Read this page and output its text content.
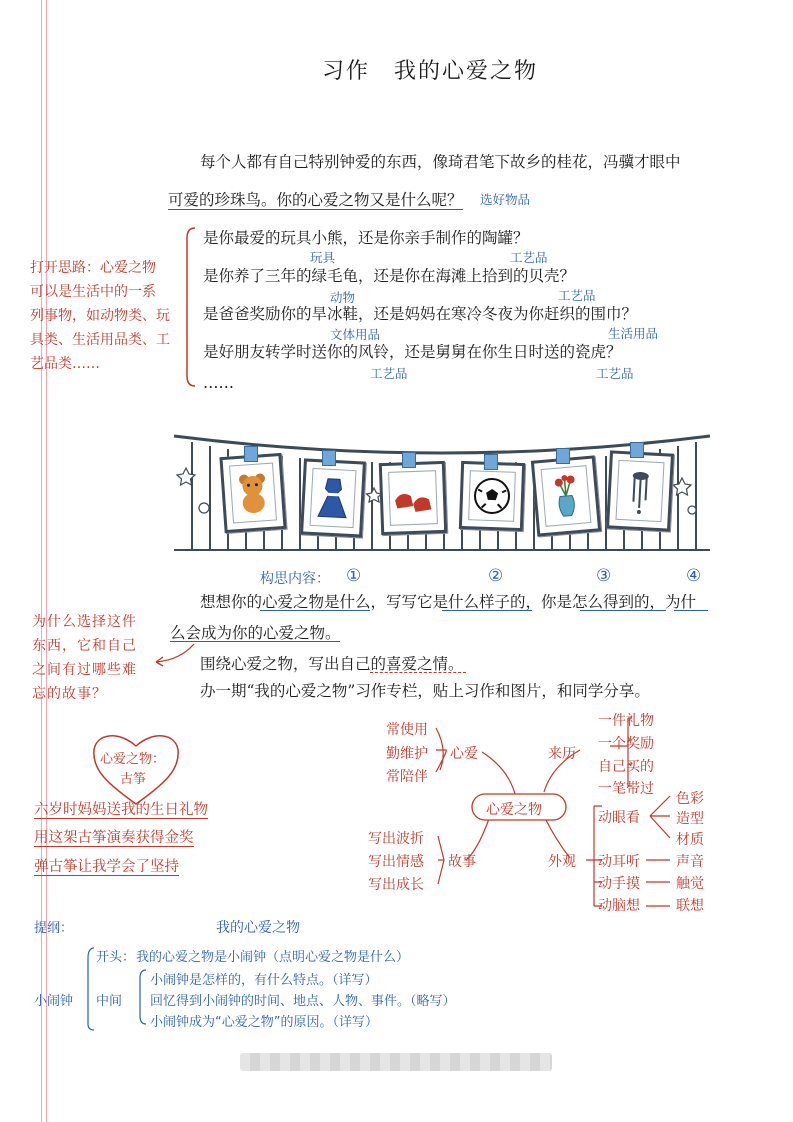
习作　我的心爱之物
每个人都有自己特别钟爱的东西，像琦君笔下故乡的桂花，冯骥才眼中
可爱的珍珠鸟。你的心爱之物又是什么呢？ 选好物品
是你最爱的玩具小熊，还是你亲手制作的陶罐？
是你养了三年的绿毛龟，还是你在海滩上拾到的贝壳？
是爸爸奖励你的旱冰鞋，还是妈妈在寒冷冬夜为你赶织的围巾？
是好朋友转学时送你的风铃，还是舅舅在你生日时送的瓷虎？
……
玩具	工艺品
动物	工艺品
文体用品	生活用品
工艺品	工艺品
打开思路：心爱之物
可以是生活中的一系
列事物，如动物类、玩
具类、生活用品类、工
艺品类……
构思内容： ①	②	③	④
想想你的心爱之物是什么，写写它是什么样子的，你是怎么得到的，为什
么会成为你的心爱之物。
围绕心爱之物，写出自己的喜爱之情。
办一期“我的心爱之物”习作专栏，贴上习作和图片，和同学分享。
为什么选择这件
东西，它和自己
之间有过哪些难
忘的故事？
心爱之物：
古筝
六岁时妈妈送我的生日礼物
用这架古筝演奏获得金奖
弹古筝让我学会了坚持
心爱之物
常使用
勤维护
常陪伴
心爱	来历
一件礼物
一个奖励
自己买的
一笔带过
写出波折
写出情感
写出成长
故事	外观
动眼看
色彩
造型
材质
动耳听	声音
动手摸	触觉
动脑想	联想
提纲：	我的心爱之物
小闹钟
开头： 我的心爱之物是小闹钟（点明心爱之物是什么）
中间
小闹钟是怎样的，有什么特点。（详写）
回忆得到小闹钟的时间、地点、人物、事件。（略写）
小闹钟成为“心爱之物”的原因。（详写）
